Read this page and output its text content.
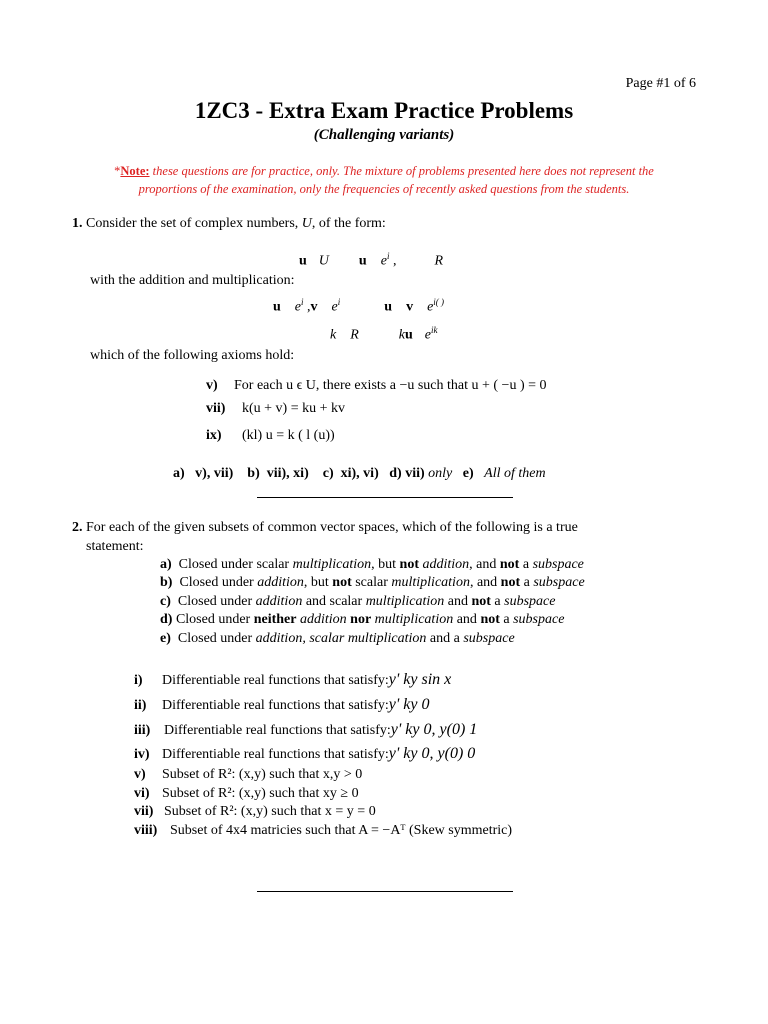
Page #1 of 6
1ZC3 - Extra Exam Practice Problems
(Challenging variants)
*Note: these questions are for practice, only. The mixture of problems presented here does not represent the
proportions of the examination, only the frequencies of recently asked questions from the students.
1. Consider the set of complex numbers, U, of the form:
u U u $e^i$ ,	R
with the addition and multiplication:
u $e^i$ ,v $e^i$	u v $e^{i( )}$
k R	ku $e^{ik}$
which of the following axioms hold:
v) For each u ϵ U, there exists a −u such that u + ( −u ) = 0
vii) k(u + v) = ku + kv
ix) (kl) u = k ( l (u))
a) v), vii) b) vii), xi) c) xi), vi) d) vii) only e) All of them
2. For each of the given subsets of common vector spaces, which of the following is a true
statement:
a)  Closed under scalar multiplication, but not addition, and not a subspace
b)  Closed under addition, but not scalar multiplication, and not a subspace
c)  Closed under addition and scalar multiplication and not a subspace
d) Closed under neither addition nor multiplication and not a subspace
e)  Closed under addition, scalar multiplication and a subspace
i) Differentiable real functions that satisfy:y' ky sin x
ii) Differentiable real functions that satisfy:y' ky 0
iii) Differentiable real functions that satisfy:y' ky 0, y(0) 1
iv) Differentiable real functions that satisfy:y' ky 0, y(0) 0
v) Subset of R²: (x,y) such that x,y > 0
vi) Subset of R²: (x,y) such that xy ≥ 0
vii) Subset of R²: (x,y) such that x = y = 0
viii) Subset of 4x4 matricies such that A = −Aᵀ (Skew symmetric)
